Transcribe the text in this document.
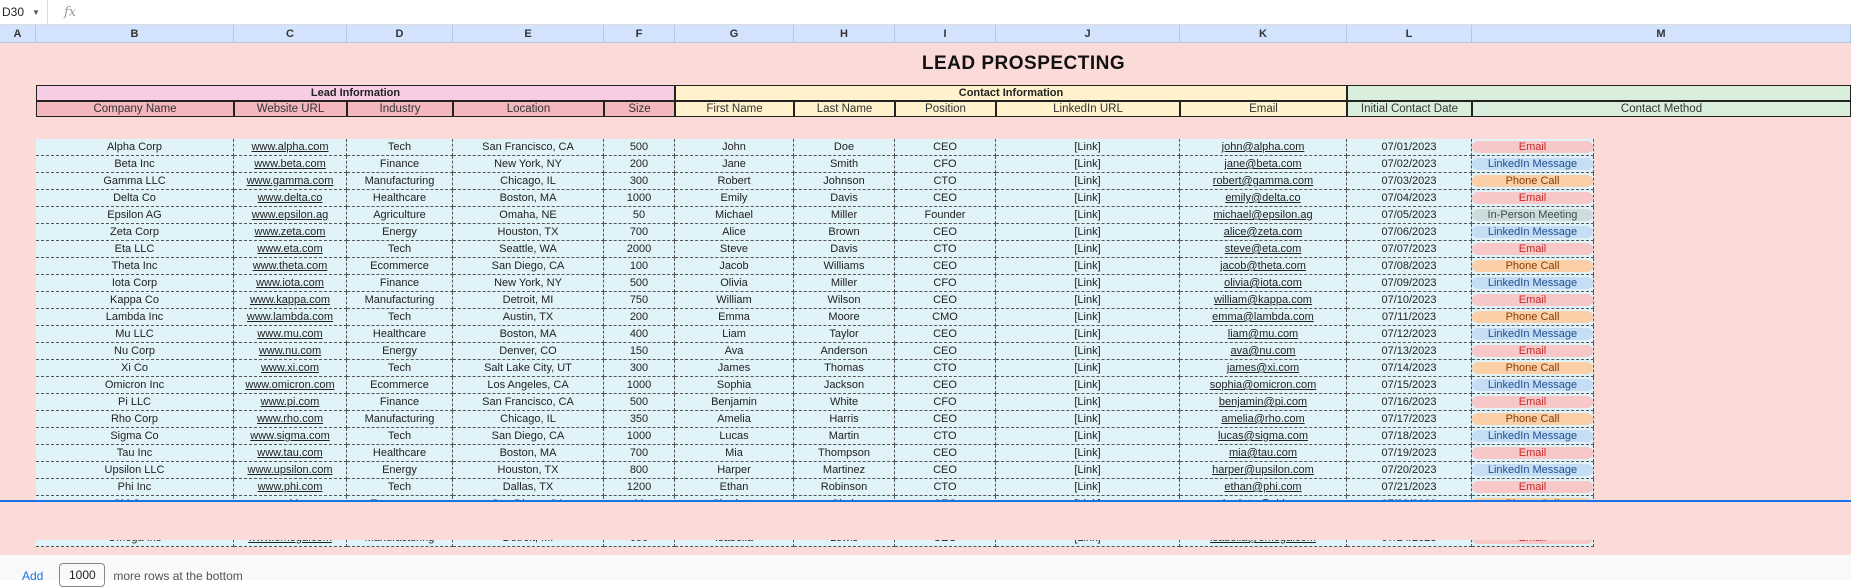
D30 ▼ fx
A	B	C	D	E	F	G	H	I	J	K	L	M
LEAD PROSPECTING
Lead Information	Contact Information
Company Name	Website URL	Industry	Location	Size	First Name	Last Name	Position	LinkedIn URL	Email	Initial Contact Date	Contact Method
Alpha Corp	www.alpha.com	Tech	San Francisco, CA	500	John	Doe	CEO	[Link]	john@alpha.com	07/01/2023	Email
Beta Inc	www.beta.com	Finance	New York, NY	200	Jane	Smith	CFO	[Link]	jane@beta.com	07/02/2023	LinkedIn Message
Gamma LLC	www.gamma.com	Manufacturing	Chicago, IL	300	Robert	Johnson	CTO	[Link]	robert@gamma.com	07/03/2023	Phone Call
Delta Co	www.delta.co	Healthcare	Boston, MA	1000	Emily	Davis	CEO	[Link]	emily@delta.co	07/04/2023	Email
Epsilon AG	www.epsilon.ag	Agriculture	Omaha, NE	50	Michael	Miller	Founder	[Link]	michael@epsilon.ag	07/05/2023	In-Person Meeting
Zeta Corp	www.zeta.com	Energy	Houston, TX	700	Alice	Brown	CEO	[Link]	alice@zeta.com	07/06/2023	LinkedIn Message
Eta LLC	www.eta.com	Tech	Seattle, WA	2000	Steve	Davis	CTO	[Link]	steve@eta.com	07/07/2023	Email
Theta Inc	www.theta.com	Ecommerce	San Diego, CA	100	Jacob	Williams	CEO	[Link]	jacob@theta.com	07/08/2023	Phone Call
Iota Corp	www.iota.com	Finance	New York, NY	500	Olivia	Miller	CFO	[Link]	olivia@iota.com	07/09/2023	LinkedIn Message
Kappa Co	www.kappa.com	Manufacturing	Detroit, MI	750	William	Wilson	CEO	[Link]	william@kappa.com	07/10/2023	Email
Lambda Inc	www.lambda.com	Tech	Austin, TX	200	Emma	Moore	CMO	[Link]	emma@lambda.com	07/11/2023	Phone Call
Mu LLC	www.mu.com	Healthcare	Boston, MA	400	Liam	Taylor	CEO	[Link]	liam@mu.com	07/12/2023	LinkedIn Message
Nu Corp	www.nu.com	Energy	Denver, CO	150	Ava	Anderson	CEO	[Link]	ava@nu.com	07/13/2023	Email
Xi Co	www.xi.com	Tech	Salt Lake City, UT	300	James	Thomas	CTO	[Link]	james@xi.com	07/14/2023	Phone Call
Omicron Inc	www.omicron.com	Ecommerce	Los Angeles, CA	1000	Sophia	Jackson	CEO	[Link]	sophia@omicron.com	07/15/2023	LinkedIn Message
Pi LLC	www.pi.com	Finance	San Francisco, CA	500	Benjamin	White	CFO	[Link]	benjamin@pi.com	07/16/2023	Email
Rho Corp	www.rho.com	Manufacturing	Chicago, IL	350	Amelia	Harris	CEO	[Link]	amelia@rho.com	07/17/2023	Phone Call
Sigma Co	www.sigma.com	Tech	San Diego, CA	1000	Lucas	Martin	CTO	[Link]	lucas@sigma.com	07/18/2023	LinkedIn Message
Tau Inc	www.tau.com	Healthcare	Boston, MA	700	Mia	Thompson	CEO	[Link]	mia@tau.com	07/19/2023	Email
Upsilon LLC	www.upsilon.com	Energy	Houston, TX	800	Harper	Martinez	CEO	[Link]	harper@upsilon.com	07/20/2023	LinkedIn Message
Phi Inc	www.phi.com	Tech	Dallas, TX	1200	Ethan	Robinson	CTO	[Link]	ethan@phi.com	07/21/2023	Email
Add	1000	more rows at the bottom
